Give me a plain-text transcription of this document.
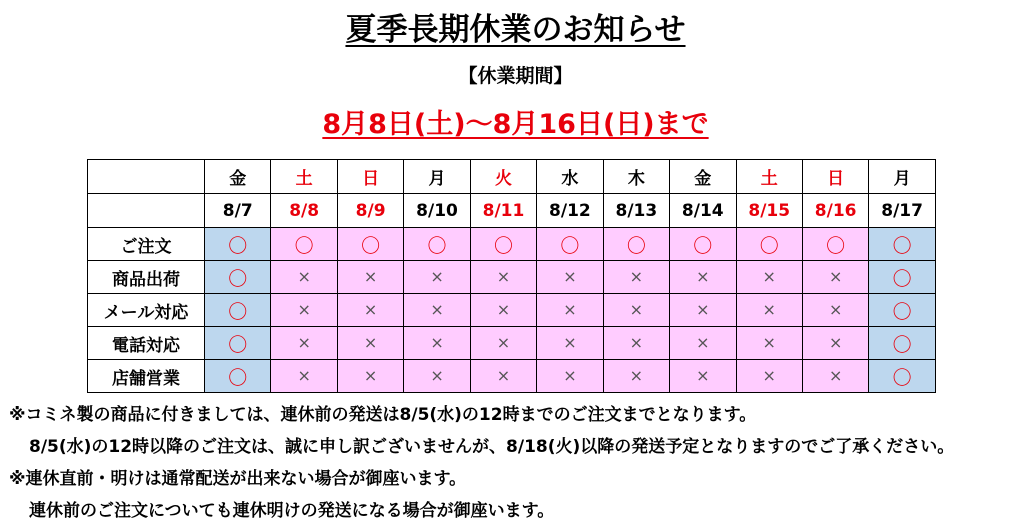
夏季長期休業のお知らせ
【休業期間】
8月8日(土)～8月16日(日)まで
	金	土	日	月	火	水	木	金	土	日	月
	8/7	8/8	8/9	8/10	8/11	8/12	8/13	8/14	8/15	8/16	8/17
ご注文	〇	〇	〇	〇	〇	〇	〇	〇	〇	〇	〇
商品出荷	〇	×	×	×	×	×	×	×	×	×	〇
メール対応	〇	×	×	×	×	×	×	×	×	×	〇
電話対応	〇	×	×	×	×	×	×	×	×	×	〇
店舗営業	〇	×	×	×	×	×	×	×	×	×	〇
※コミネ製の商品に付きましては、連休前の発送は8/5(水)の12時までのご注文までとなります。
8/5(水)の12時以降のご注文は、誠に申し訳ございませんが、8/18(火)以降の発送予定となりますのでご了承ください。
※連休直前・明けは通常配送が出来ない場合が御座います。
連休前のご注文についても連休明けの発送になる場合が御座います。
